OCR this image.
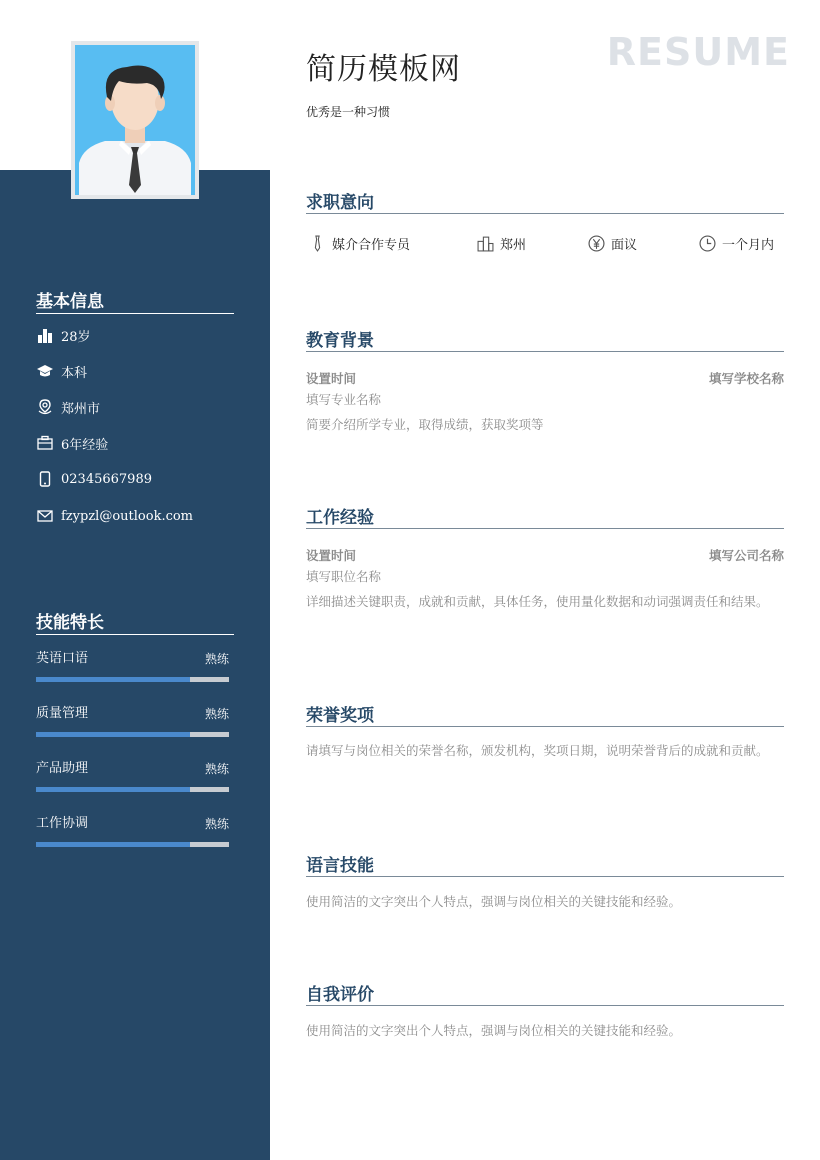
基本信息
28岁
本科
郑州市
6年经验
02345667989
fzypzl@outlook.com
技能特长
英语口语	熟练
质量管理	熟练
产品助理	熟练
工作协调	熟练
简历模板网
优秀是一种习惯
RESUME
求职意向
媒介合作专员	郑州	面议	一个月内
教育背景
设置时间	填写学校名称
填写专业名称
简要介绍所学专业，取得成绩，获取奖项等
工作经验
设置时间	填写公司名称
填写职位名称
详细描述关键职责，成就和贡献，具体任务，使用量化数据和动词强调责任和结果。
荣誉奖项
请填写与岗位相关的荣誉名称，颁发机构，奖项日期，说明荣誉背后的成就和贡献。
语言技能
使用简洁的文字突出个人特点，强调与岗位相关的关键技能和经验。
自我评价
使用简洁的文字突出个人特点，强调与岗位相关的关键技能和经验。
